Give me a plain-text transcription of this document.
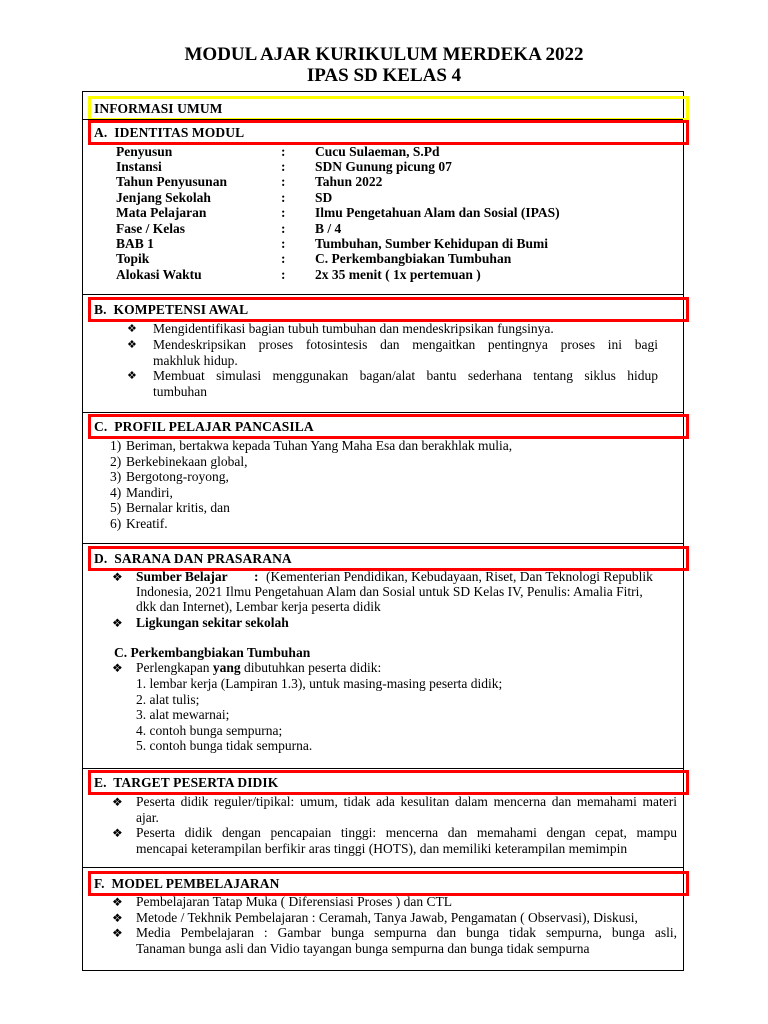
MODUL AJAR KURIKULUM MERDEKA 2022
IPAS SD KELAS 4
INFORMASI UMUM
A.  IDENTITAS MODUL
Penyusun	: Cucu Sulaeman, S.Pd
Instansi	: SDN Gunung picung 07
Tahun Penyusunan	: Tahun 2022
Jenjang Sekolah	: SD
Mata Pelajaran	: Ilmu Pengetahuan Alam dan Sosial (IPAS)
Fase / Kelas	: B / 4
BAB 1	: Tumbuhan, Sumber Kehidupan di Bumi
Topik	: C. Perkembangbiakan Tumbuhan
Alokasi Waktu	: 2x 35 menit ( 1x pertemuan )
B.  KOMPETENSI AWAL
❖ Mengidentifikasi bagian tubuh tumbuhan dan mendeskripsikan fungsinya.
❖ Mendeskripsikan proses fotosintesis dan mengaitkan pentingnya proses ini bagi
makhluk hidup.
❖ Membuat simulasi menggunakan bagan/alat bantu sederhana tentang siklus hidup
tumbuhan
C.  PROFIL PELAJAR PANCASILA
1) Beriman, bertakwa kepada Tuhan Yang Maha Esa dan berakhlak mulia,
2) Berkebinekaan global,
3) Bergotong-royong,
4) Mandiri,
5) Bernalar kritis, dan
6) Kreatif.
D.  SARANA DAN PRASARANA
❖ Sumber Belajar : (Kementerian Pendidikan, Kebudayaan, Riset, Dan Teknologi Republik
Indonesia, 2021 Ilmu Pengetahuan Alam dan Sosial untuk SD Kelas IV, Penulis: Amalia Fitri,
dkk dan Internet), Lembar kerja peserta didik
❖ Ligkungan sekitar sekolah
C. Perkembangbiakan Tumbuhan
❖ Perlengkapan yang dibutuhkan peserta didik:
1. lembar kerja (Lampiran 1.3), untuk masing-masing peserta didik;
2. alat tulis;
3. alat mewarnai;
4. contoh bunga sempurna;
5. contoh bunga tidak sempurna.
E.  TARGET PESERTA DIDIK
❖ Peserta didik reguler/tipikal: umum, tidak ada kesulitan dalam mencerna dan memahami materi
ajar.
❖ Peserta didik dengan pencapaian tinggi: mencerna dan memahami dengan cepat, mampu
mencapai keterampilan berfikir aras tinggi (HOTS), dan memiliki keterampilan memimpin
F.  MODEL PEMBELAJARAN
❖ Pembelajaran Tatap Muka ( Diferensiasi Proses ) dan CTL
❖ Metode / Tekhnik Pembelajaran : Ceramah, Tanya Jawab, Pengamatan ( Observasi), Diskusi,
❖ Media Pembelajaran : Gambar bunga sempurna dan bunga tidak sempurna, bunga asli,
Tanaman bunga asli dan Vidio tayangan bunga sempurna dan bunga tidak sempurna
